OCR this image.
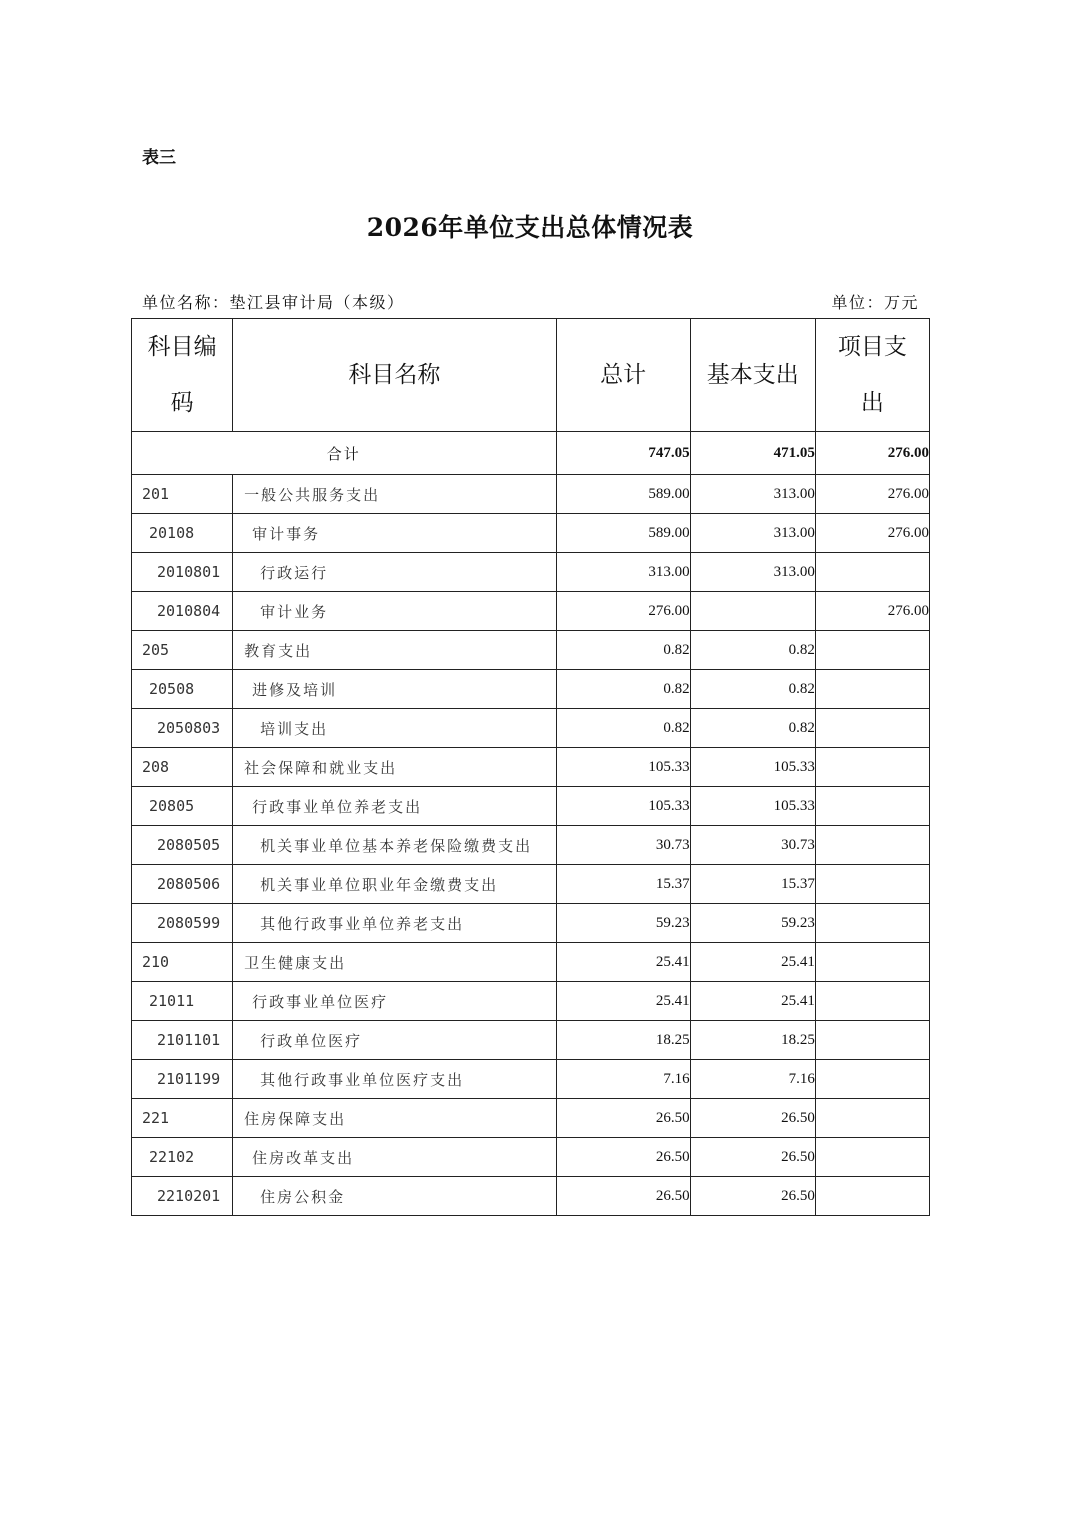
表三
2026年单位支出总体情况表
单位名称：垫江县审计局（本级）	单位：万元
科目编码	科目名称	总计	基本支出	项目支出
合计		747.05	471.05	276.00
201	一般公共服务支出	589.00	313.00	276.00
20108	审计事务	589.00	313.00	276.00
2010801	行政运行	313.00	313.00	
2010804	审计业务	276.00		276.00
205	教育支出	0.82	0.82	
20508	进修及培训	0.82	0.82	
2050803	培训支出	0.82	0.82	
208	社会保障和就业支出	105.33	105.33	
20805	行政事业单位养老支出	105.33	105.33	
2080505	机关事业单位基本养老保险缴费支出	30.73	30.73	
2080506	机关事业单位职业年金缴费支出	15.37	15.37	
2080599	其他行政事业单位养老支出	59.23	59.23	
210	卫生健康支出	25.41	25.41	
21011	行政事业单位医疗	25.41	25.41	
2101101	行政单位医疗	18.25	18.25	
2101199	其他行政事业单位医疗支出	7.16	7.16	
221	住房保障支出	26.50	26.50	
22102	住房改革支出	26.50	26.50	
2210201	住房公积金	26.50	26.50	
